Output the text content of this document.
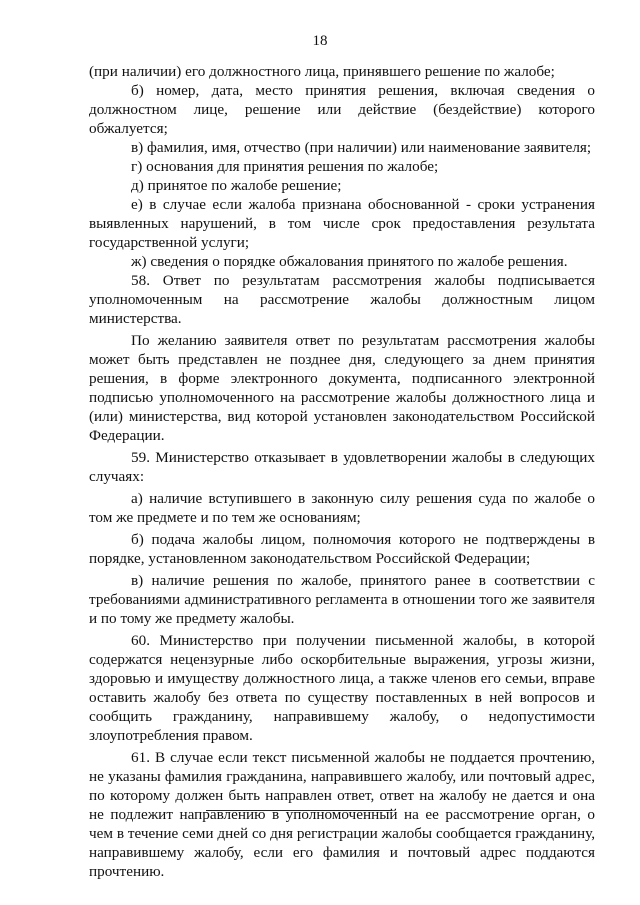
18

(при наличии) его должностного лица, принявшего решение по жалобе;

б) номер, дата, место принятия решения, включая сведения о должностном лице, решение или действие (бездействие) которого обжалуется;

в) фамилия, имя, отчество (при наличии) или наименование заявителя;

г) основания для принятия решения по жалобе;

д) принятое по жалобе решение;

е) в случае если жалоба признана обоснованной - сроки устранения выявленных нарушений, в том числе срок предоставления результата государственной услуги;

ж) сведения о порядке обжалования принятого по жалобе решения.

58. Ответ по результатам рассмотрения жалобы подписывается уполномоченным на рассмотрение жалобы должностным лицом министерства.

По желанию заявителя ответ по результатам рассмотрения жалобы может быть представлен не позднее дня, следующего за днем принятия решения, в форме электронного документа, подписанного электронной подписью уполномоченного на рассмотрение жалобы должностного лица и (или) министерства, вид которой установлен законодательством Российской Федерации.

59. Министерство отказывает в удовлетворении жалобы в следующих случаях:

а) наличие вступившего в законную силу решения суда по жалобе о том же предмете и по тем же основаниям;

б) подача жалобы лицом, полномочия которого не подтверждены в порядке, установленном законодательством Российской Федерации;

в) наличие решения по жалобе, принятого ранее в соответствии с требованиями административного регламента в отношении того же заявителя и по тому же предмету жалобы.

60. Министерство при получении письменной жалобы, в которой содержатся нецензурные либо оскорбительные выражения, угрозы жизни, здоровью и имуществу должностного лица, а также членов его семьи, вправе оставить жалобу без ответа по существу поставленных в ней вопросов и сообщить гражданину, направившему жалобу, о недопустимости злоупотребления правом.

61. В случае если текст письменной жалобы не поддается прочтению, не указаны фамилия гражданина, направившего жалобу, или почтовый адрес, по которому должен быть направлен ответ, ответ на жалобу не дается и она не подлежит направлению в уполномоченный на ее рассмотрение орган, о чем в течение семи дней со дня регистрации жалобы сообщается гражданину, направившему жалобу, если его фамилия и почтовый адрес поддаются прочтению.
